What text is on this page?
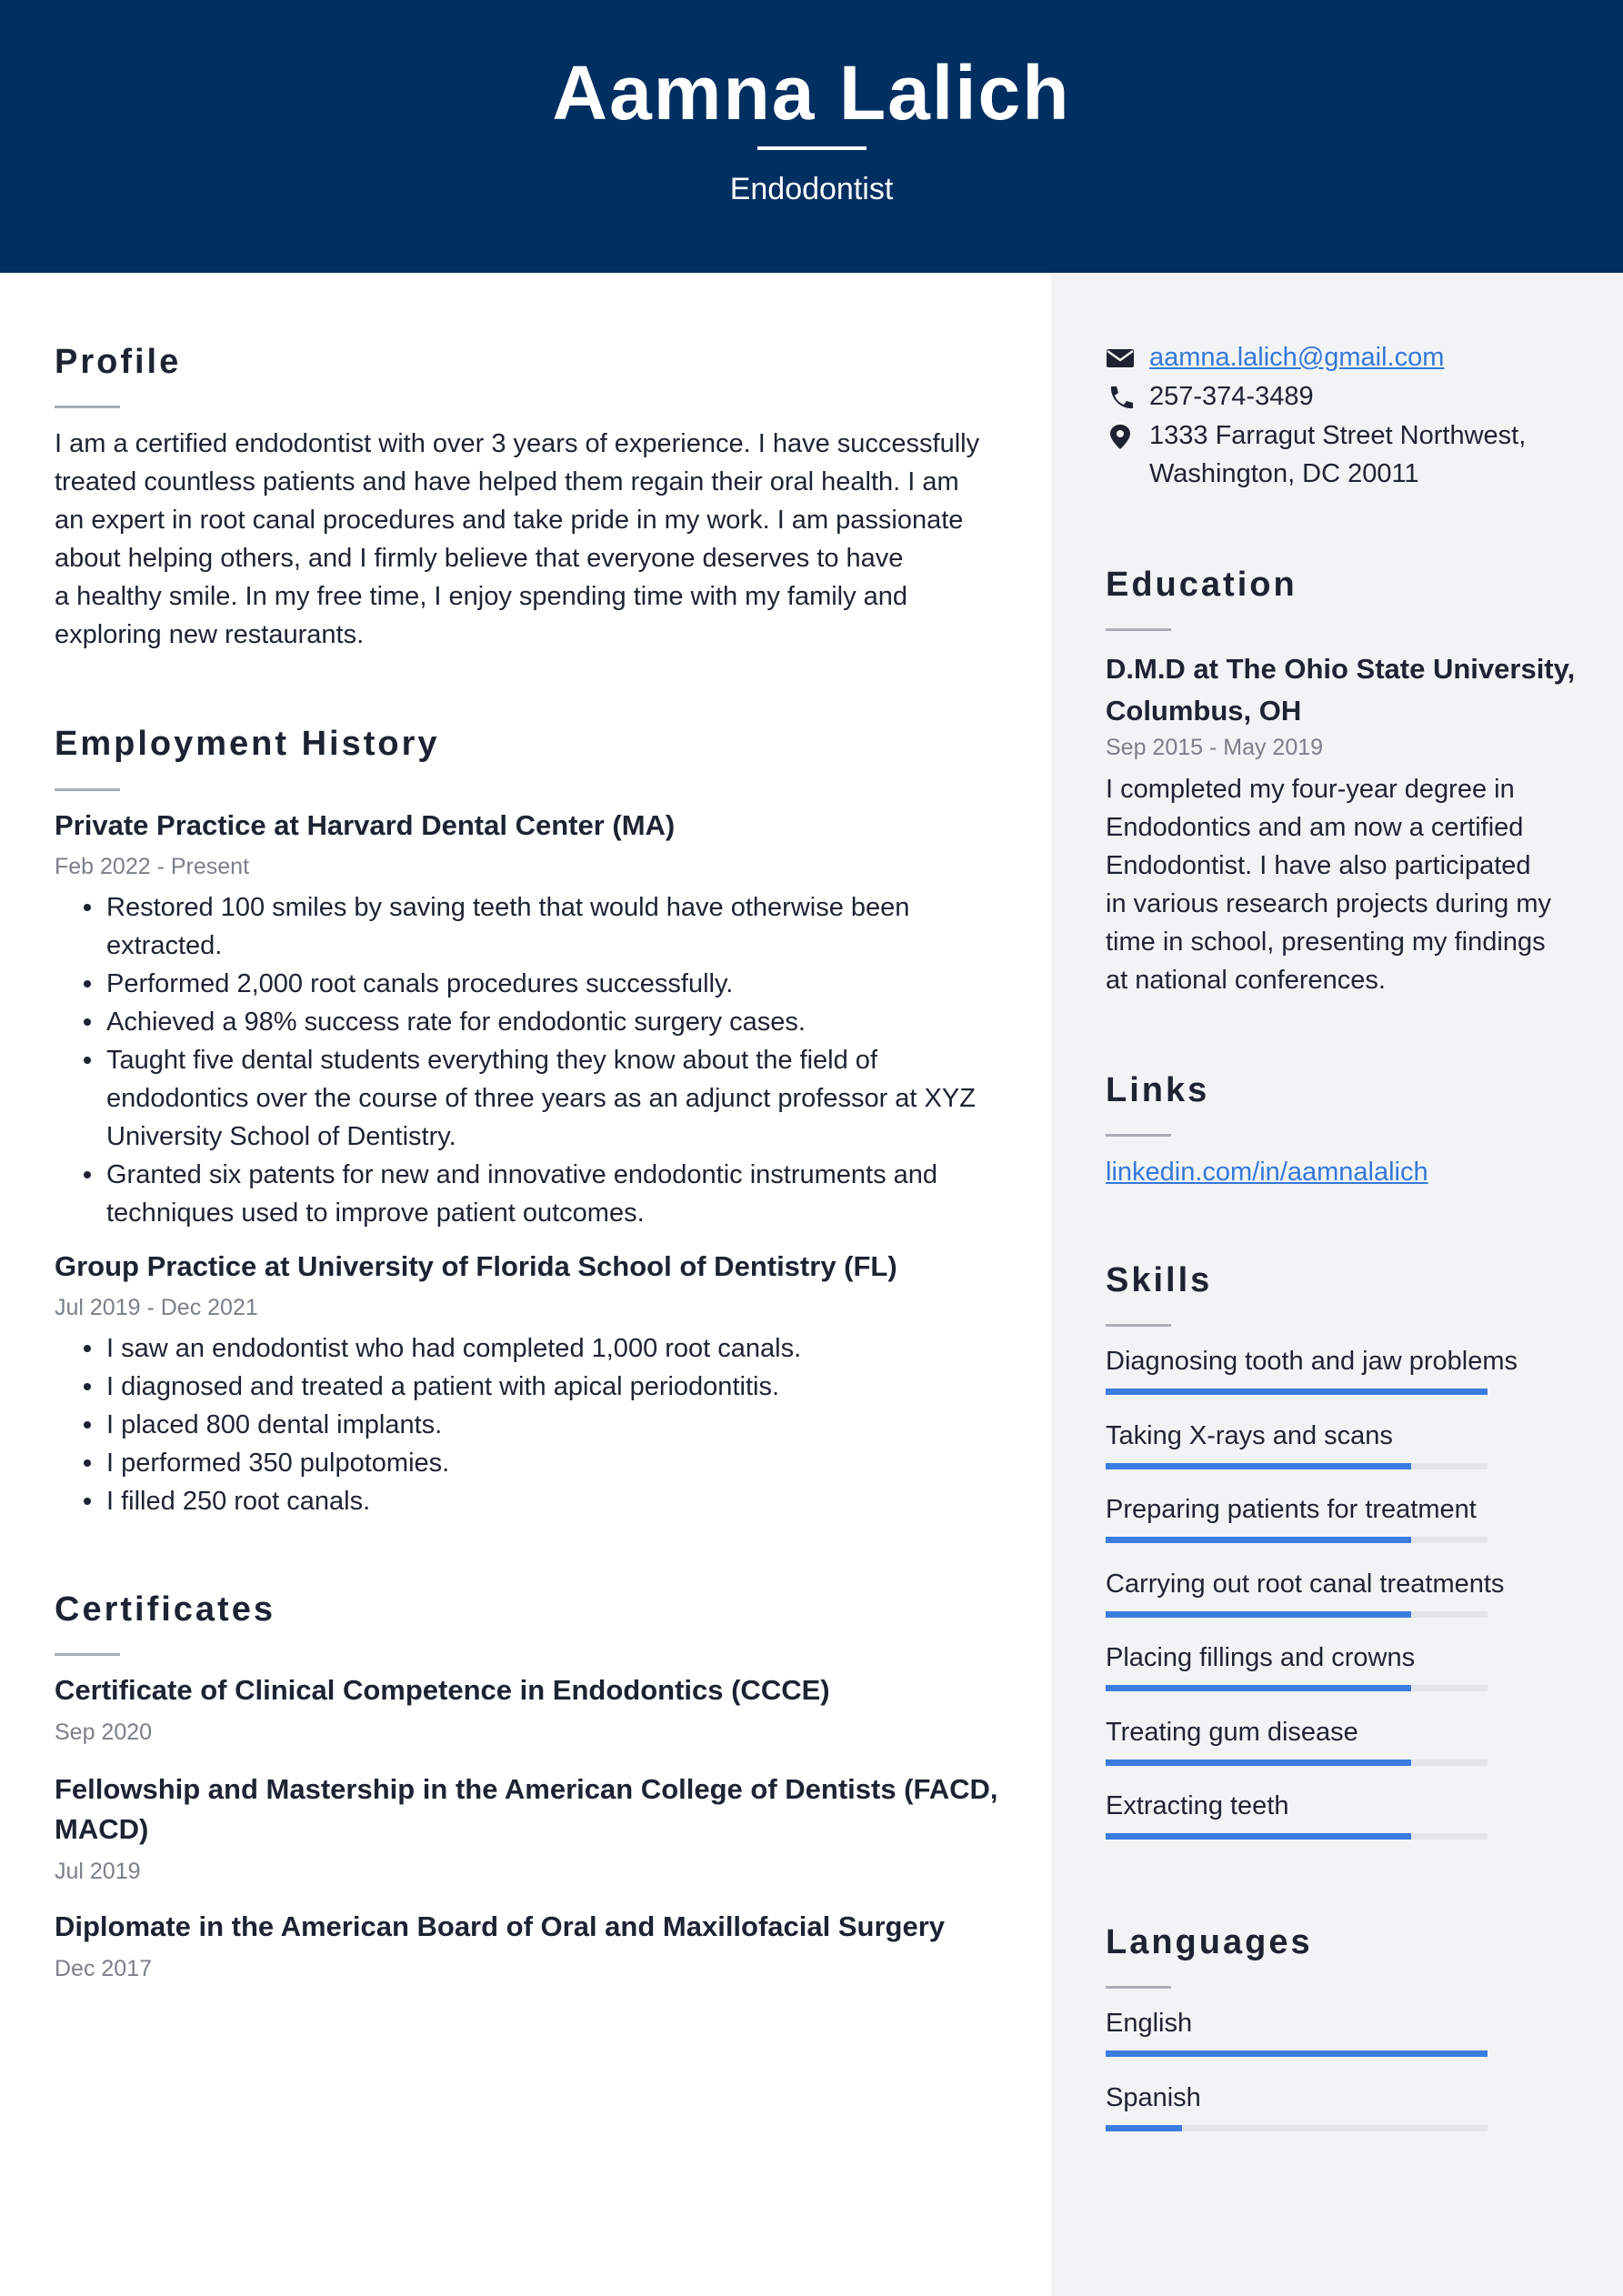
Aamna Lalich
Endodontist
Profile
I am a certified endodontist with over 3 years of experience. I have successfully
treated countless patients and have helped them regain their oral health. I am
an expert in root canal procedures and take pride in my work. I am passionate
about helping others, and I firmly believe that everyone deserves to have
a healthy smile. In my free time, I enjoy spending time with my family and
exploring new restaurants.
Employment History
Private Practice at Harvard Dental Center (MA)
Feb 2022 - Present
Restored 100 smiles by saving teeth that would have otherwise been
extracted.
Performed 2,000 root canals procedures successfully.
Achieved a 98% success rate for endodontic surgery cases.
Taught five dental students everything they know about the field of
endodontics over the course of three years as an adjunct professor at XYZ
University School of Dentistry.
Granted six patents for new and innovative endodontic instruments and
techniques used to improve patient outcomes.
Group Practice at University of Florida School of Dentistry (FL)
Jul 2019 - Dec 2021
I saw an endodontist who had completed 1,000 root canals.
I diagnosed and treated a patient with apical periodontitis.
I placed 800 dental implants.
I performed 350 pulpotomies.
I filled 250 root canals.
Certificates
Certificate of Clinical Competence in Endodontics (CCCE)
Sep 2020
Fellowship and Mastership in the American College of Dentists (FACD,
MACD)
Jul 2019
Diplomate in the American Board of Oral and Maxillofacial Surgery
Dec 2017
aamna.lalich@gmail.com
257-374-3489
1333 Farragut Street Northwest,
Washington, DC 20011
Education
D.M.D at The Ohio State University,
Columbus, OH
Sep 2015 - May 2019
I completed my four-year degree in
Endodontics and am now a certified
Endodontist. I have also participated
in various research projects during my
time in school, presenting my findings
at national conferences.
Links
linkedin.com/in/aamnalalich
Skills
Diagnosing tooth and jaw problems
Taking X-rays and scans
Preparing patients for treatment
Carrying out root canal treatments
Placing fillings and crowns
Treating gum disease
Extracting teeth
Languages
English
Spanish
